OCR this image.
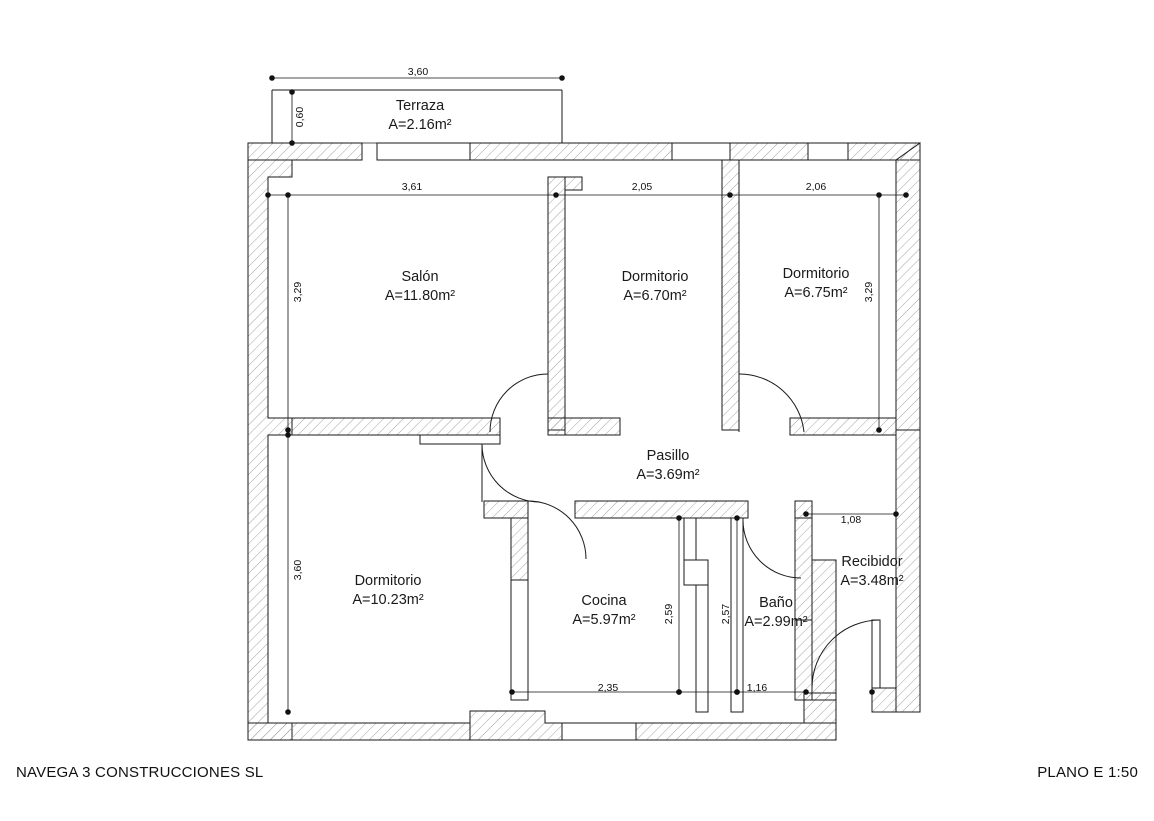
Terraza
A=2.16m²
Salón
A=11.80m²
Dormitorio
A=6.70m²
Dormitorio
A=6.75m²
Pasillo
A=3.69m²
Dormitorio
A=10.23m²	Cocina
A=5.97m²
Baño
A=2.99m²
Recibidor
A=3.48m²
3,60
0,60
3,61	2,05	2,06
3,29	3,29
1,08
3,60
2,59	2,57
2,35	1,16
NAVEGA 3 CONSTRUCCIONES SL	PLANO E 1:50
